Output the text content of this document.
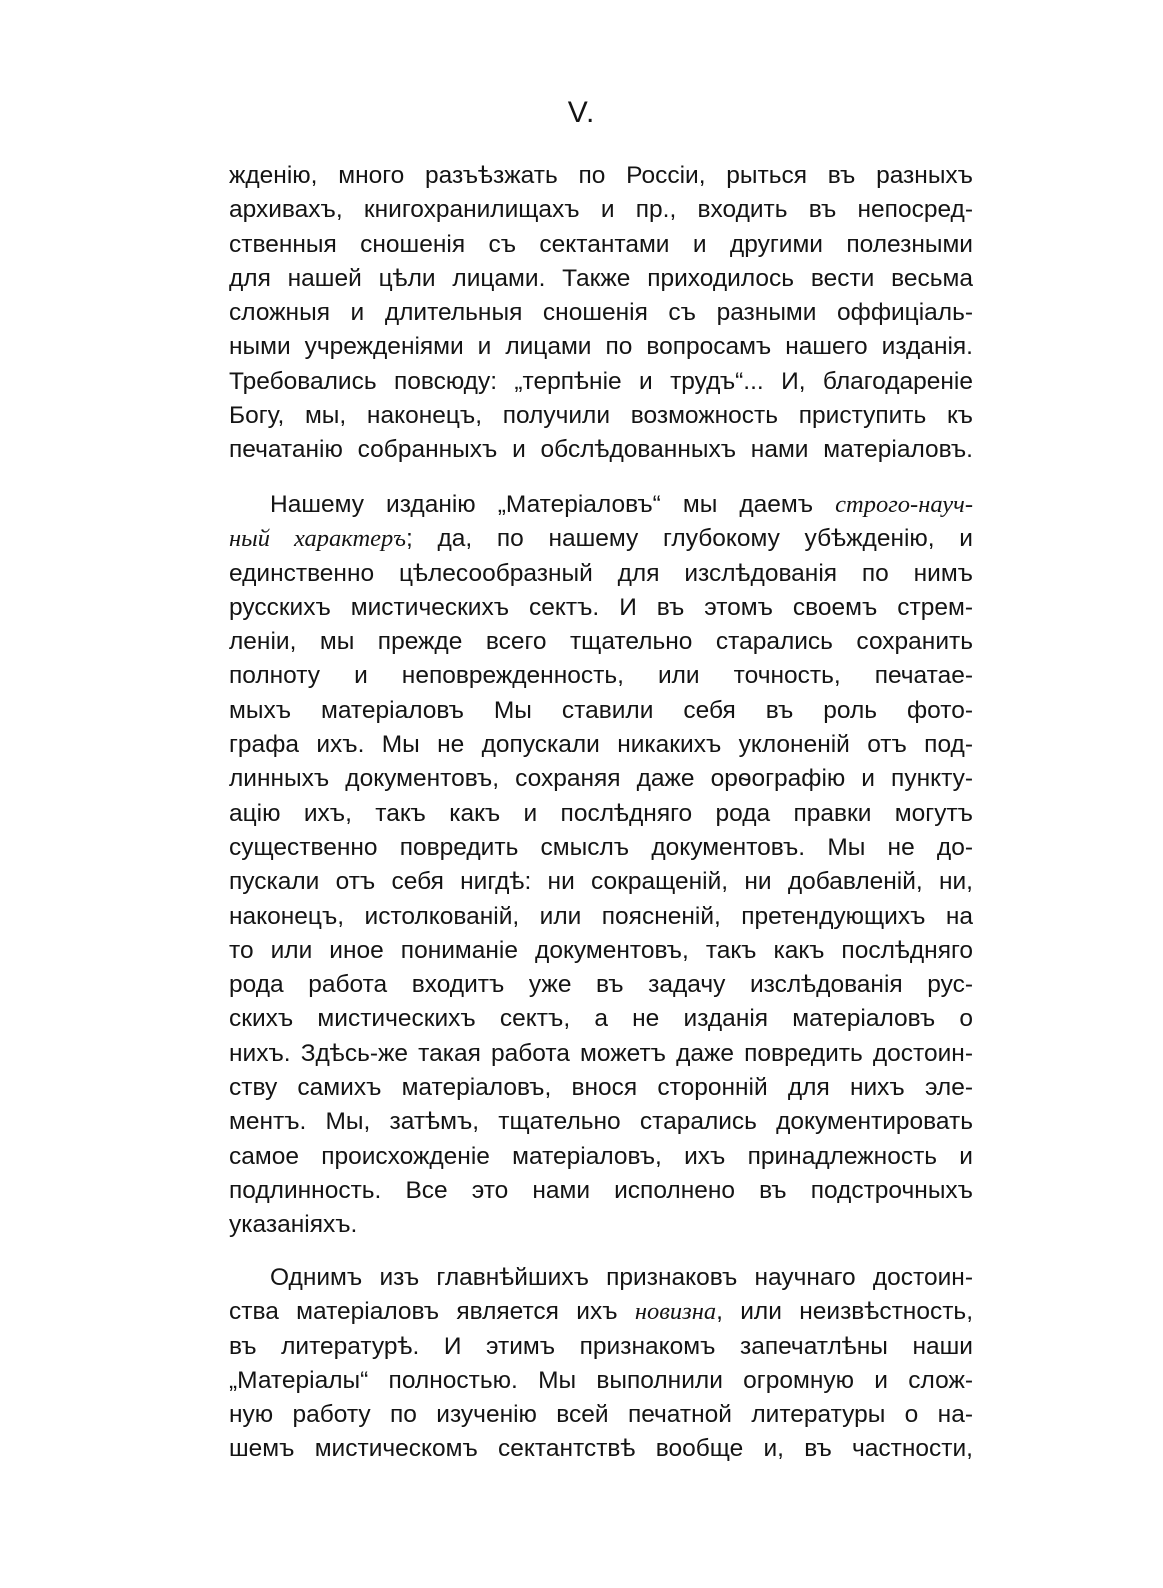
V.
жденію, много разъѣзжать по Россіи, рыться въ разныхъ
архивахъ, книгохранилищахъ и пр., входить въ непосред-
ственныя сношенія съ сектантами и другими полезными
для нашей цѣли лицами. Также приходилось вести весьма
сложныя и длительныя сношенія съ разными оффиціаль-
ными учрежденіями и лицами по вопросамъ нашего изданія.
Требовались повсюду: „терпѣніе и трудъ“... И, благодареніе
Богу, мы, наконецъ, получили возможность приступить къ
печатанію собранныхъ и обслѣдованныхъ нами матеріаловъ.
Нашему изданію „Матеріаловъ“ мы даемъ строго-науч-
ный характеръ; да, по нашему глубокому убѣжденію, и
единственно цѣлесообразный для изслѣдованія по нимъ
русскихъ мистическихъ сектъ. И въ этомъ своемъ стрем-
леніи, мы прежде всего тщательно старались сохранить
полноту и неповрежденность, или точность, печатае-
мыхъ матеріаловъ Мы ставили себя въ роль фото-
графа ихъ. Мы не допускали никакихъ уклоненій отъ под-
линныхъ документовъ, сохраняя даже орѳографію и пункту-
ацію ихъ, такъ какъ и послѣдняго рода правки могутъ
существенно повредить смыслъ документовъ. Мы не до-
пускали отъ себя нигдѣ: ни сокращеній, ни добавленій, ни,
наконецъ, истолкованій, или поясненій, претендующихъ на
то или иное пониманіе документовъ, такъ какъ послѣдняго
рода работа входитъ уже въ задачу изслѣдованія рус-
скихъ мистическихъ сектъ, а не изданія матеріаловъ о
нихъ. Здѣсь-же такая работа можетъ даже повредить достоин-
ству самихъ матеріаловъ, внося сторонній для нихъ эле-
ментъ. Мы, затѣмъ, тщательно старались документировать
самое происхожденіе матеріаловъ, ихъ принадлежность и
подлинность. Все это нами исполнено въ подстрочныхъ
указаніяхъ.
Однимъ изъ главнѣйшихъ признаковъ научнаго достоин-
ства матеріаловъ является ихъ новизна, или неизвѣстность,
въ литературѣ. И этимъ признакомъ запечатлѣны наши
„Матеріалы“ полностью. Мы выполнили огромную и слож-
ную работу по изученію всей печатной литературы о на-
шемъ мистическомъ сектантствѣ вообще и, въ частности,
